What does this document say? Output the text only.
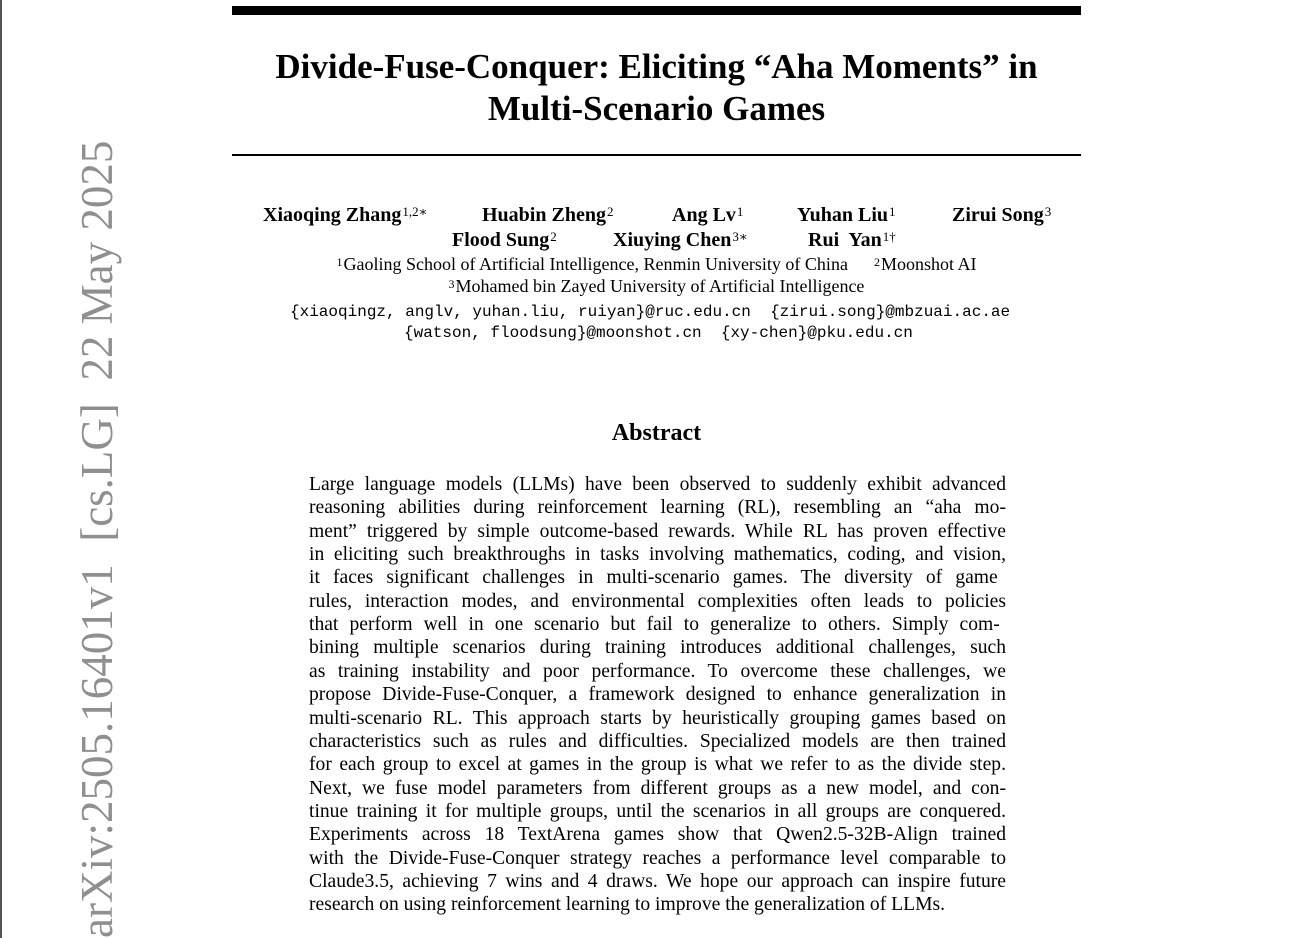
arXiv:2505.16401v1  [cs.LG]  22 May 2025
Divide-Fuse-Conquer: Eliciting “Aha Moments” in
Multi-Scenario Games
Xiaoqing Zhang$^{1,2∗}$	Huabin Zheng$^2$	Ang Lv$^1$	Yuhan Liu$^1$	Zirui Song$^3$
Flood Sung$^2$	Xiuying Chen$^{3∗}$	Rui  Yan$^{1\dagger}$
$^1$Gaoling School of Artificial Intelligence, Renmin University of China $^2$Moonshot AI
$^3$Mohamed bin Zayed University of Artificial Intelligence
{xiaoqingz, anglv, yuhan.liu, ruiyan}@ruc.edu.cn  {zirui.song}@mbzuai.ac.ae
{watson, floodsung}@moonshot.cn  {xy-chen}@pku.edu.cn
Abstract
Large language models (LLMs) have been observed to suddenly exhibit advanced
reasoning abilities during reinforcement learning (RL), resembling an “aha mo-
ment” triggered by simple outcome-based rewards. While RL has proven effective
in eliciting such breakthroughs in tasks involving mathematics, coding, and vision,
it faces significant challenges in multi-scenario games. The diversity of game
rules, interaction modes, and environmental complexities often leads to policies
that perform well in one scenario but fail to generalize to others. Simply com-
bining multiple scenarios during training introduces additional challenges, such
as training instability and poor performance. To overcome these challenges, we
propose Divide-Fuse-Conquer, a framework designed to enhance generalization in
multi-scenario RL. This approach starts by heuristically grouping games based on
characteristics such as rules and difficulties. Specialized models are then trained
for each group to excel at games in the group is what we refer to as the divide step.
Next, we fuse model parameters from different groups as a new model, and con-
tinue training it for multiple groups, until the scenarios in all groups are conquered.
Experiments across 18 TextArena games show that Qwen2.5-32B-Align trained
with the Divide-Fuse-Conquer strategy reaches a performance level comparable to
Claude3.5, achieving 7 wins and 4 draws. We hope our approach can inspire future
research on using reinforcement learning to improve the generalization of LLMs.
